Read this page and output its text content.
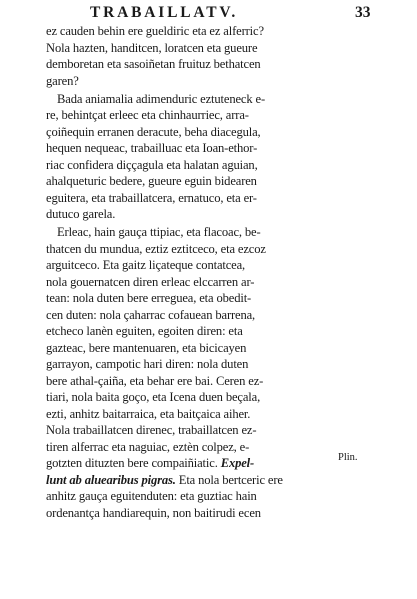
TRABAILLATV.	33
ez cauden behin ere gueldiric eta ez alferric?
Nola hazten, handitcen, loratcen eta gueure
demboretan eta sasoiñetan fruituz bethatcen
garen?
Bada aniamalia adimenduric eztuteneck e-
re, behintçat erleec eta chinhaurriec, arra-
çoiñequin erranen deracute, beha diacegula,
hequen nequeac, trabailluac eta Ioan-ethor-
riac confidera diççagula eta halatan aguian,
ahalqueturic bedere, gueure eguin bidearen
eguitera, eta trabaillatcera, ernatuco, eta er-
dutuco garela.
Erleac, hain gauça ttipiac, eta flacoac, be-
thatcen du mundua, eztiz eztitceco, eta ezcoz
arguitceco. Eta gaitz liçateque contatcea,
nola gouernatcen diren erleac elccarren ar-
tean: nola duten bere erreguea, eta obedit-
cen duten: nola çaharrac cofauean barrena,
etcheco lanèn eguiten, egoiten diren: eta
gazteac, bere mantenuaren, eta bicicayen
garrayon, campotic hari diren: nola duten
bere athal-çaiña, eta behar ere bai. Ceren ez-
tiari, nola baita goço, eta Icena duen beçala,
ezti, anhitz baitarraica, eta baitçaica aiher.
Nola trabaillatcen direnec, trabaillatcen ez-
tiren alferrac eta naguiac, eztèn colpez, e-
gotzten dituzten bere compaiñiatic. Expel-
lunt ab aluearibus pigras. Eta nola bertceric ere
anhitz gauça eguitenduten: eta guztiac hain
ordenantça handiarequin, non baitirudi ecen
Plin.
